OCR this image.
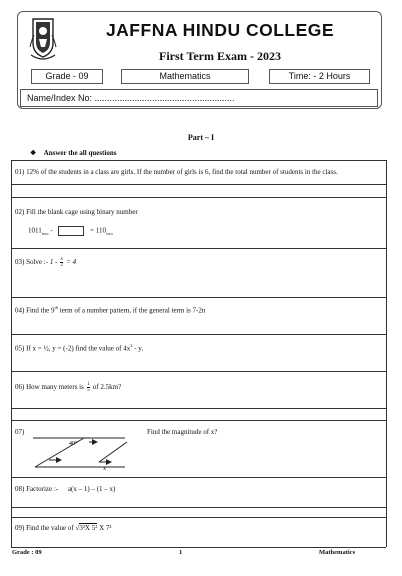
JAFFNA HINDU COLLEGE
First Term Exam - 2023
Grade - 09	Mathematics	Time: - 2 Hours
Name/Index No: ........................................................
Part – I
❖ Answer the all questions
01) 12% of the students in a class are girls. If the number of girls is 6, find the total number of students in the class.
02) Fill the blank cage using binary number
$1011_{two}$ -	= $110_{two}$
03) Solve :- $1 - \frac{x}{2} = 4$
04) Find the 9th term of a number pattern, if the general term is 7-2n
05) If x = ½, y = (-2) find the value of $4x^2$ - y.
06) How many meters is $\frac{1}{5}$ of 2.5km?
07)	Find the magnitude of x?
40°
x
08) Factorize :- a(x – 1) – (1 – x)
09) Find the value of √3²X 5² X 7²
Grade : 09	1	Mathematics
